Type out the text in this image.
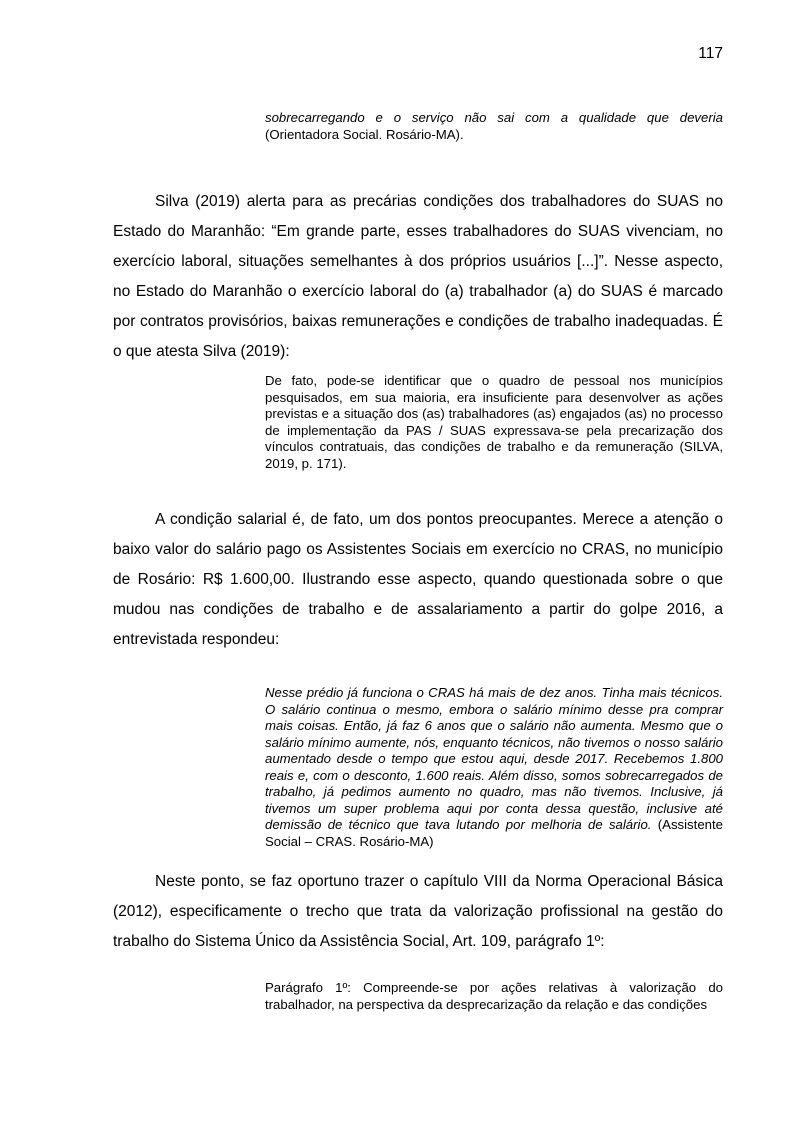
117
sobrecarregando e o serviço não sai com a qualidade que deveria
(Orientadora Social. Rosário-MA).

Silva (2019) alerta para as precárias condições dos trabalhadores do SUAS no Estado do Maranhão: “Em grande parte, esses trabalhadores do SUAS vivenciam, no exercício laboral, situações semelhantes à dos próprios usuários [...]”. Nesse aspecto, no Estado do Maranhão o exercício laboral do (a) trabalhador (a) do SUAS é marcado por contratos provisórios, baixas remunerações e condições de trabalho inadequadas. É o que atesta Silva (2019):

De fato, pode-se identificar que o quadro de pessoal nos municípios pesquisados, em sua maioria, era insuficiente para desenvolver as ações previstas e a situação dos (as) trabalhadores (as) engajados (as) no processo de implementação da PAS / SUAS expressava-se pela precarização dos vínculos contratuais, das condições de trabalho e da remuneração (SILVA, 2019, p. 171).

A condição salarial é, de fato, um dos pontos preocupantes. Merece a atenção o baixo valor do salário pago os Assistentes Sociais em exercício no CRAS, no município de Rosário: R$ 1.600,00. Ilustrando esse aspecto, quando questionada sobre o que mudou nas condições de trabalho e de assalariamento a partir do golpe 2016, a entrevistada respondeu:

Nesse prédio já funciona o CRAS há mais de dez anos. Tinha mais técnicos. O salário continua o mesmo, embora o salário mínimo desse pra comprar mais coisas. Então, já faz 6 anos que o salário não aumenta. Mesmo que o salário mínimo aumente, nós, enquanto técnicos, não tivemos o nosso salário aumentado desde o tempo que estou aqui, desde 2017. Recebemos 1.800 reais e, com o desconto, 1.600 reais. Além disso, somos sobrecarregados de trabalho, já pedimos aumento no quadro, mas não tivemos. Inclusive, já tivemos um super problema aqui por conta dessa questão, inclusive até demissão de técnico que tava lutando por melhoria de salário. (Assistente Social – CRAS. Rosário-MA)

Neste ponto, se faz oportuno trazer o capítulo VIII da Norma Operacional Básica (2012), especificamente o trecho que trata da valorização profissional na gestão do trabalho do Sistema Único da Assistência Social, Art. 109, parágrafo 1º:

Parágrafo 1º: Compreende-se por ações relativas à valorização do trabalhador, na perspectiva da desprecarização da relação e das condições
